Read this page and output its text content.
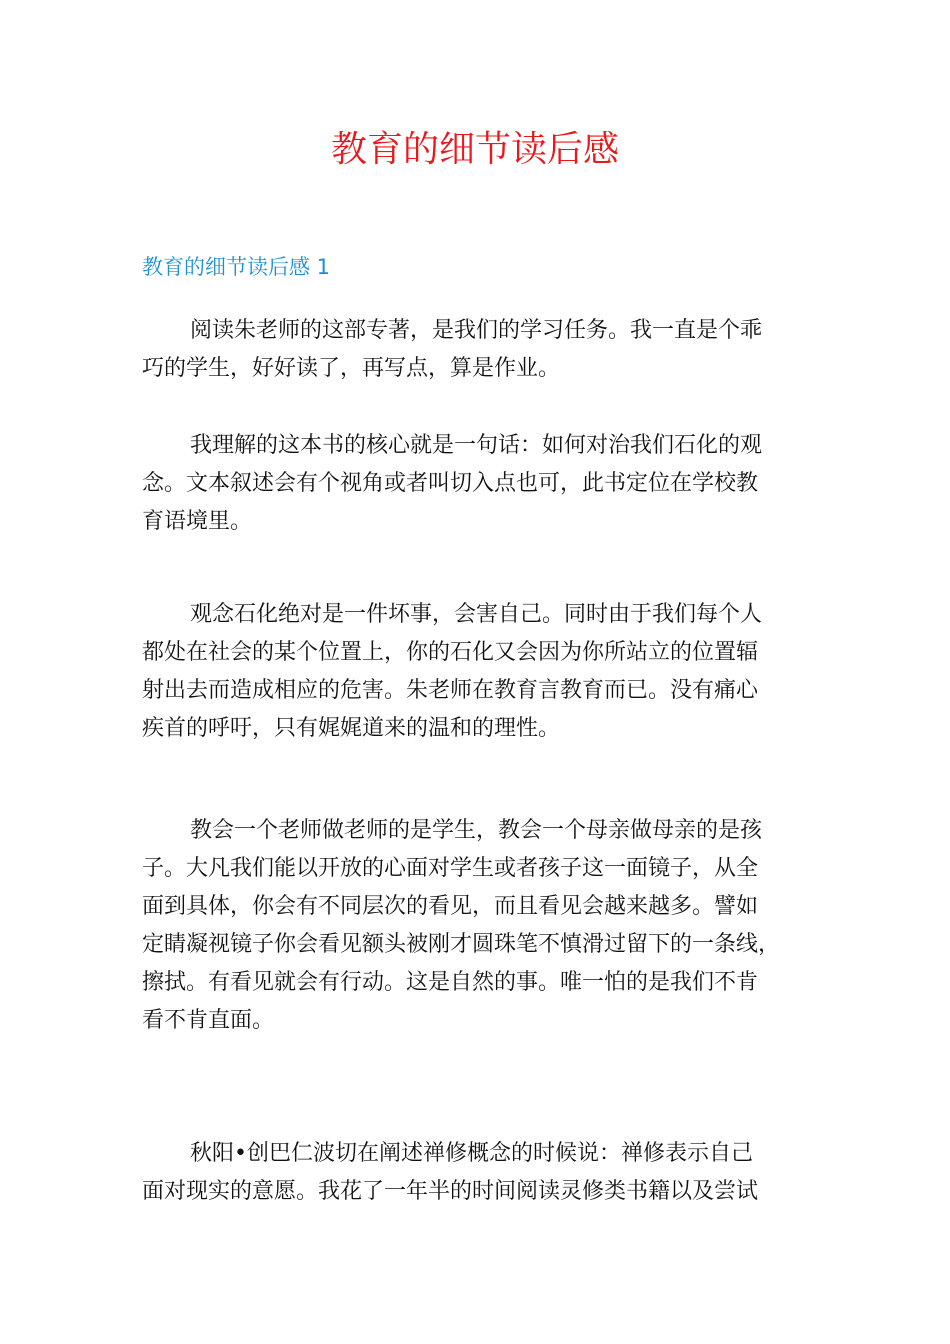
教育的细节读后感
教育的细节读后感 1
阅读朱老师的这部专著，是我们的学习任务。我一直是个乖
巧的学生，好好读了，再写点，算是作业。
我理解的这本书的核心就是一句话：如何对治我们石化的观
念。文本叙述会有个视角或者叫切入点也可，此书定位在学校教
育语境里。
观念石化绝对是一件坏事，会害自己。同时由于我们每个人
都处在社会的某个位置上，你的石化又会因为你所站立的位置辐
射出去而造成相应的危害。朱老师在教育言教育而已。没有痛心
疾首的呼吁，只有娓娓道来的温和的理性。
教会一个老师做老师的是学生，教会一个母亲做母亲的是孩
子。大凡我们能以开放的心面对学生或者孩子这一面镜子，从全
面到具体，你会有不同层次的看见，而且看见会越来越多。譬如
定睛凝视镜子你会看见额头被刚才圆珠笔不慎滑过留下的一条线，
擦拭。有看见就会有行动。这是自然的事。唯一怕的是我们不肯
看不肯直面。
秋阳•创巴仁波切在阐述禅修概念的时候说：禅修表示自己
面对现实的意愿。我花了一年半的时间阅读灵修类书籍以及尝试
